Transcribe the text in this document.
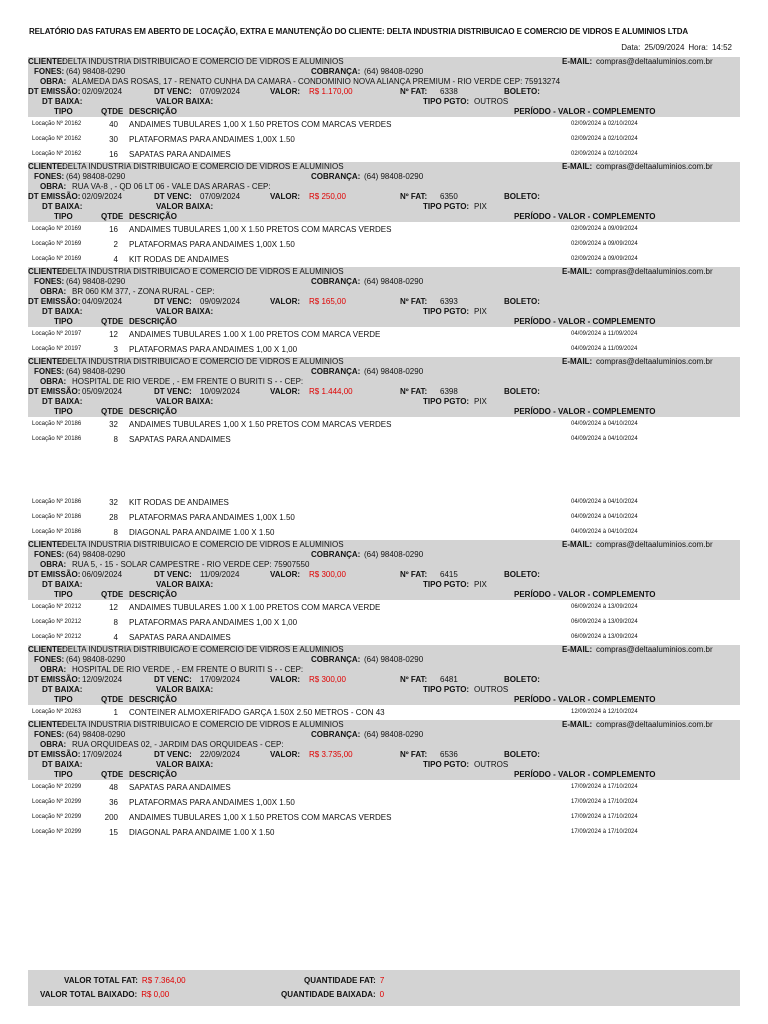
RELATÓRIO DAS FATURAS EM ABERTO DE LOCAÇÃO, EXTRA E MANUTENÇÃO DO CLIENTE: DELTA INDUSTRIA DISTRIBUICAO E COMERCIO DE VIDROS E ALUMINIOS LTDA
Data: 25/09/2024 Hora: 14:52
CLIENTE:
DELTA INDUSTRIA DISTRIBUICAO E COMERCIO DE VIDROS E ALUMINIOS	E-MAIL: compras@deltaaluminios.com.br
FONES: (64) 98408-0290	COBRANÇA: (64) 98408-0290
OBRA: ALAMEDA DAS ROSAS, 17 - RENATO CUNHA DA CAMARA - CONDOMINIO NOVA ALIANÇA PREMIUM - RIO VERDE CEP: 75913274
DT EMISSÃO: 02/09/2024	DT VENC: 07/09/2024	VALOR: R$ 1.170,00	Nº FAT: 6338	BOLETO:
DT BAIXA:	VALOR BAIXA:	TIPO PGTO: OUTROS
TIPO	QTDE DESCRIÇÃO	PERÍODO - VALOR - COMPLEMENTO
Locação Nº 20162	40 ANDAIMES TUBULARES 1,00 X 1.50 PRETOS COM MARCAS VERDES	02/09/2024 à 02/10/2024
Locação Nº 20162	30 PLATAFORMAS PARA ANDAIMES 1,00X 1.50	02/09/2024 à 02/10/2024
Locação Nº 20162	16 SAPATAS PARA ANDAIMES	02/09/2024 à 02/10/2024
CLIENTE:
DELTA INDUSTRIA DISTRIBUICAO E COMERCIO DE VIDROS E ALUMINIOS	E-MAIL: compras@deltaaluminios.com.br
FONES: (64) 98408-0290	COBRANÇA: (64) 98408-0290
OBRA: RUA VA-8 , - QD 06 LT 06 - VALE DAS ARARAS - CEP:
DT EMISSÃO: 02/09/2024	DT VENC: 07/09/2024	VALOR: R$ 250,00	Nº FAT: 6350	BOLETO:
DT BAIXA:	VALOR BAIXA:	TIPO PGTO: PIX
TIPO	QTDE DESCRIÇÃO	PERÍODO - VALOR - COMPLEMENTO
Locação Nº 20169	16 ANDAIMES TUBULARES 1,00 X 1.50 PRETOS COM MARCAS VERDES	02/09/2024 à 09/09/2024
Locação Nº 20169	2 PLATAFORMAS PARA ANDAIMES 1,00X 1.50	02/09/2024 à 09/09/2024
Locação Nº 20169	4 KIT RODAS DE ANDAIMES	02/09/2024 à 09/09/2024
CLIENTE:
DELTA INDUSTRIA DISTRIBUICAO E COMERCIO DE VIDROS E ALUMINIOS	E-MAIL: compras@deltaaluminios.com.br
FONES: (64) 98408-0290	COBRANÇA: (64) 98408-0290
OBRA: BR 060 KM 377, - ZONA RURAL - CEP:
DT EMISSÃO: 04/09/2024	DT VENC: 09/09/2024	VALOR: R$ 165,00	Nº FAT: 6393	BOLETO:
DT BAIXA:	VALOR BAIXA:	TIPO PGTO: PIX
TIPO	QTDE DESCRIÇÃO	PERÍODO - VALOR - COMPLEMENTO
Locação Nº 20197	12 ANDAIMES TUBULARES 1.00 X 1.00 PRETOS COM MARCA VERDE	04/09/2024 à 11/09/2024
Locação Nº 20197	3 PLATAFORMAS PARA ANDAIMES 1,00 X 1,00	04/09/2024 à 11/09/2024
CLIENTE:
DELTA INDUSTRIA DISTRIBUICAO E COMERCIO DE VIDROS E ALUMINIOS	E-MAIL: compras@deltaaluminios.com.br
FONES: (64) 98408-0290	COBRANÇA: (64) 98408-0290
OBRA: HOSPITAL DE RIO VERDE , - EM FRENTE O BURITI S - - CEP:
DT EMISSÃO: 05/09/2024	DT VENC: 10/09/2024	VALOR: R$ 1.444,00	Nº FAT: 6398	BOLETO:
DT BAIXA:	VALOR BAIXA:	TIPO PGTO: PIX
TIPO	QTDE DESCRIÇÃO	PERÍODO - VALOR - COMPLEMENTO
Locação Nº 20186	32 ANDAIMES TUBULARES 1,00 X 1.50 PRETOS COM MARCAS VERDES	04/09/2024 à 04/10/2024
Locação Nº 20186	8 SAPATAS PARA ANDAIMES	04/09/2024 à 04/10/2024
Locação Nº 20186	32 KIT RODAS DE ANDAIMES	04/09/2024 à 04/10/2024
Locação Nº 20186	28 PLATAFORMAS PARA ANDAIMES 1,00X 1.50	04/09/2024 à 04/10/2024
Locação Nº 20186	8 DIAGONAL PARA ANDAIME 1.00 X 1.50	04/09/2024 à 04/10/2024
CLIENTE:
DELTA INDUSTRIA DISTRIBUICAO E COMERCIO DE VIDROS E ALUMINIOS	E-MAIL: compras@deltaaluminios.com.br
FONES: (64) 98408-0290	COBRANÇA: (64) 98408-0290
OBRA: RUA 5, - 15 - SOLAR CAMPESTRE - RIO VERDE CEP: 75907550
DT EMISSÃO: 06/09/2024	DT VENC: 11/09/2024	VALOR: R$ 300,00	Nº FAT: 6415	BOLETO:
DT BAIXA:	VALOR BAIXA:	TIPO PGTO: PIX
TIPO	QTDE DESCRIÇÃO	PERÍODO - VALOR - COMPLEMENTO
Locação Nº 20212	12 ANDAIMES TUBULARES 1.00 X 1.00 PRETOS COM MARCA VERDE	06/09/2024 à 13/09/2024
Locação Nº 20212	8 PLATAFORMAS PARA ANDAIMES 1,00 X 1,00	06/09/2024 à 13/09/2024
Locação Nº 20212	4 SAPATAS PARA ANDAIMES	06/09/2024 à 13/09/2024
CLIENTE:
DELTA INDUSTRIA DISTRIBUICAO E COMERCIO DE VIDROS E ALUMINIOS	E-MAIL: compras@deltaaluminios.com.br
FONES: (64) 98408-0290	COBRANÇA: (64) 98408-0290
OBRA: HOSPITAL DE RIO VERDE , - EM FRENTE O BURITI S - - CEP:
DT EMISSÃO: 12/09/2024	DT VENC: 17/09/2024	VALOR: R$ 300,00	Nº FAT: 6481	BOLETO:
DT BAIXA:	VALOR BAIXA:	TIPO PGTO: OUTROS
TIPO	QTDE DESCRIÇÃO	PERÍODO - VALOR - COMPLEMENTO
Locação Nº 20263	1 CONTEINER ALMOXERIFADO GARÇA 1.50X 2.50 METROS - CON 43	12/09/2024 à 12/10/2024
CLIENTE:
DELTA INDUSTRIA DISTRIBUICAO E COMERCIO DE VIDROS E ALUMINIOS	E-MAIL: compras@deltaaluminios.com.br
FONES: (64) 98408-0290	COBRANÇA: (64) 98408-0290
OBRA: RUA ORQUIDEAS 02, - JARDIM DAS ORQUIDEAS - CEP:
DT EMISSÃO: 17/09/2024	DT VENC: 22/09/2024	VALOR: R$ 3.735,00	Nº FAT: 6536	BOLETO:
DT BAIXA:	VALOR BAIXA:	TIPO PGTO: OUTROS
TIPO	QTDE DESCRIÇÃO	PERÍODO - VALOR - COMPLEMENTO
Locação Nº 20299	48 SAPATAS PARA ANDAIMES	17/09/2024 à 17/10/2024
Locação Nº 20299	36 PLATAFORMAS PARA ANDAIMES 1,00X 1.50	17/09/2024 à 17/10/2024
Locação Nº 20299	200 ANDAIMES TUBULARES 1,00 X 1.50 PRETOS COM MARCAS VERDES	17/09/2024 à 17/10/2024
Locação Nº 20299	15 DIAGONAL PARA ANDAIME 1.00 X 1.50	17/09/2024 à 17/10/2024
VALOR TOTAL FAT: R$ 7.364,00
VALOR TOTAL BAIXADO: R$ 0,00
QUANTIDADE FAT: 7
QUANTIDADE BAIXADA: 0
